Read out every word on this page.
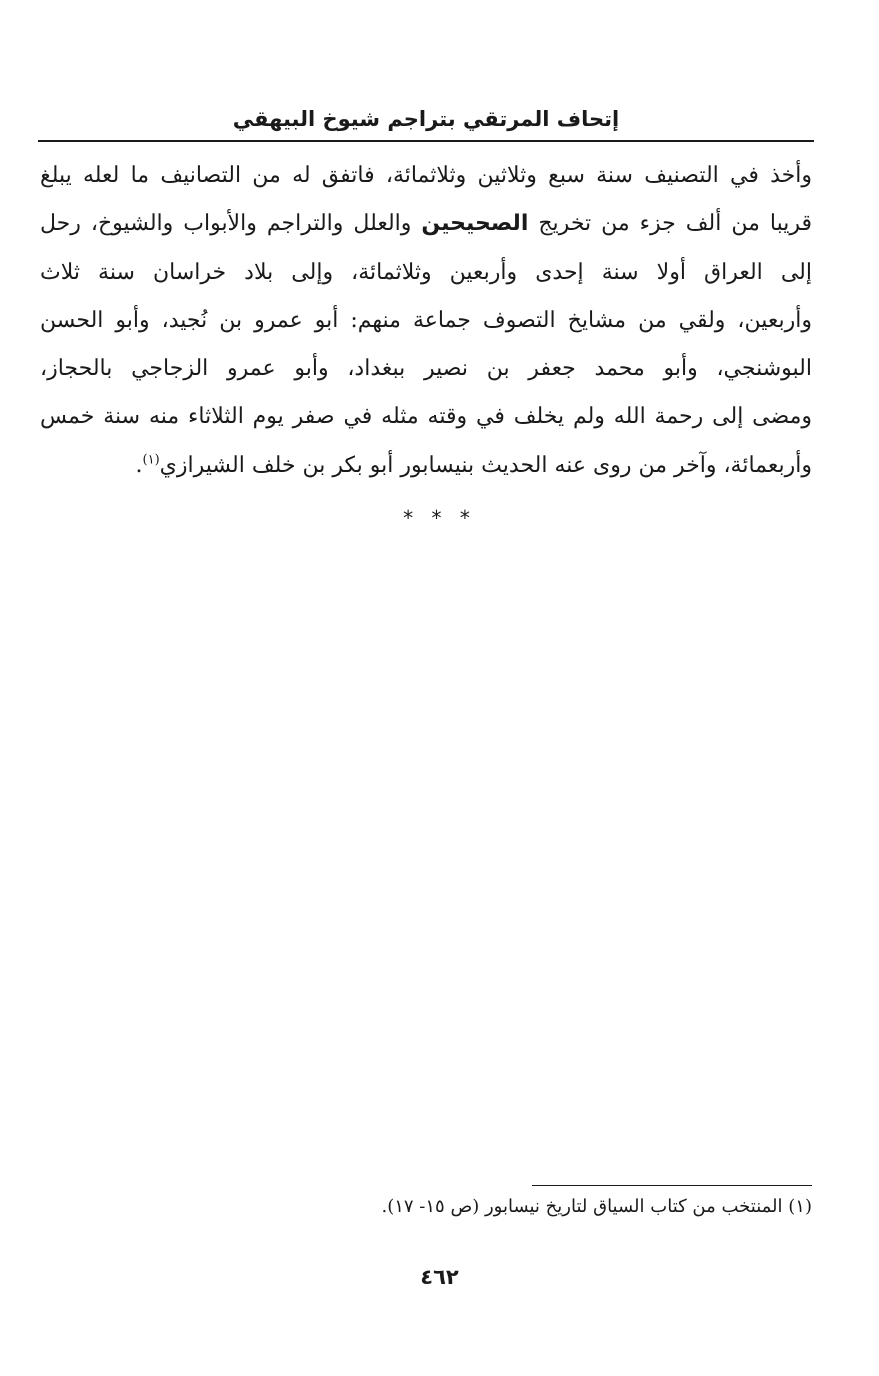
إتحاف المرتقي بتراجم شيوخ البيهقي
وأخذ في التصنيف سنة سبع وثلاثين وثلاثمائة، فاتفق له من التصانيف ما لعله يبلغ
قريبا من ألف جزء من تخريج الصحيحين والعلل والتراجم والأبواب والشيوخ، رحل
إلى العراق أولا سنة إحدى وأربعين وثلاثمائة، وإلى بلاد خراسان سنة ثلاث
وأربعين، ولقي من مشايخ التصوف جماعة منهم: أبو عمرو بن نُجيد، وأبو الحسن
البوشنجي، وأبو محمد جعفر بن نصير ببغداد، وأبو عمرو الزجاجي بالحجاز،
ومضى إلى رحمة الله ولم يخلف في وقته مثله في صفر يوم الثلاثاء منه سنة خمس
وأربعمائة، وآخر من روى عنه الحديث بنيسابور أبو بكر بن خلف الشيرازي$^{(١)}$.
* * *
(١) المنتخب من كتاب السياق لتاريخ نيسابور (ص ١٥- ١٧).
٤٦٢
